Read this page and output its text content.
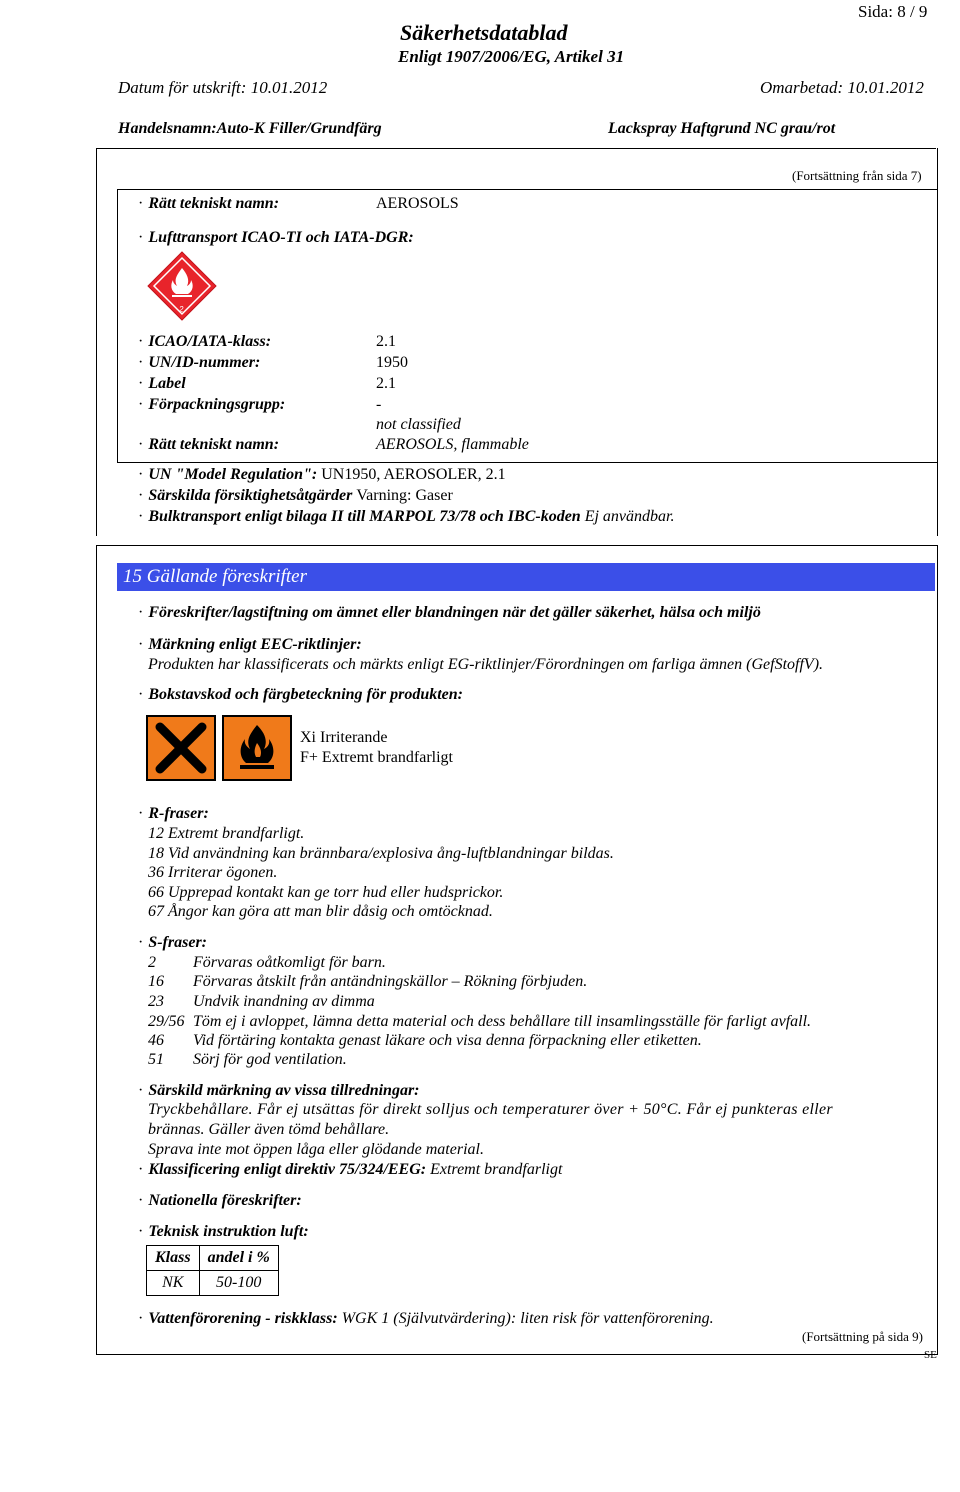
Sida: 8 / 9
Säkerhetsdatablad
Enligt 1907/2006/EG, Artikel 31
Datum för utskrift: 10.01.2012	Omarbetad: 10.01.2012
Handelsnamn:Auto-K Filler/Grundfärg	Lackspray Haftgrund NC grau/rot
(Fortsättning från sida 7)
· Rätt tekniskt namn:	AEROSOLS
· Lufttransport ICAO-TI och IATA-DGR:
2
· ICAO/IATA-klass:	2.1
· UN/ID-nummer:	1950
· Label	2.1
· Förpackningsgrupp:	-
not classified
· Rätt tekniskt namn:	AEROSOLS, flammable
· UN "Model Regulation": UN1950, AEROSOLER, 2.1
· Särskilda försiktighetsåtgärder Varning: Gaser
· Bulktransport enligt bilaga II till MARPOL 73/78 och IBC-koden Ej användbar.
15 Gällande föreskrifter
· Föreskrifter/lagstiftning om ämnet eller blandningen när det gäller säkerhet, hälsa och miljö
· Märkning enligt EEC-riktlinjer:
Produkten har klassificerats och märkts enligt EG-riktlinjer/Förordningen om farliga ämnen (GefStoffV).
· Bokstavskod och färgbeteckning för produkten:
Xi Irriterande
F+ Extremt brandfarligt
· R-fraser:
12 Extremt brandfarligt.
18 Vid användning kan brännbara/explosiva ång-luftblandningar bildas.
36 Irriterar ögonen.
66 Upprepad kontakt kan ge torr hud eller hudsprickor.
67 Ångor kan göra att man blir dåsig och omtöcknad.
· S-fraser:
2 Förvaras oåtkomligt för barn.
16 Förvaras åtskilt från antändningskällor – Rökning förbjuden.
23 Undvik inandning av dimma
29/56 Töm ej i avloppet, lämna detta material och dess behållare till insamlingsställe för farligt avfall.
46 Vid förtäring kontakta genast läkare och visa denna förpackning eller etiketten.
51 Sörj för god ventilation.
· Särskild märkning av vissa tillredningar:
Tryckbehållare. Får ej utsättas för direkt solljus och temperaturer över + 50°C. Får ej punkteras eller
brännas. Gäller även tömd behållare.
Sprava inte mot öppen låga eller glödande material.
· Klassificering enligt direktiv 75/324/EEG: Extremt brandfarligt
· Nationella föreskrifter:
· Teknisk instruktion luft:
Klass	andel i %
NK	50-100
· Vattenförorening - riskklass: WGK 1 (Självutvärdering): liten risk för vattenförorening.
(Fortsättning på sida 9)
SE
